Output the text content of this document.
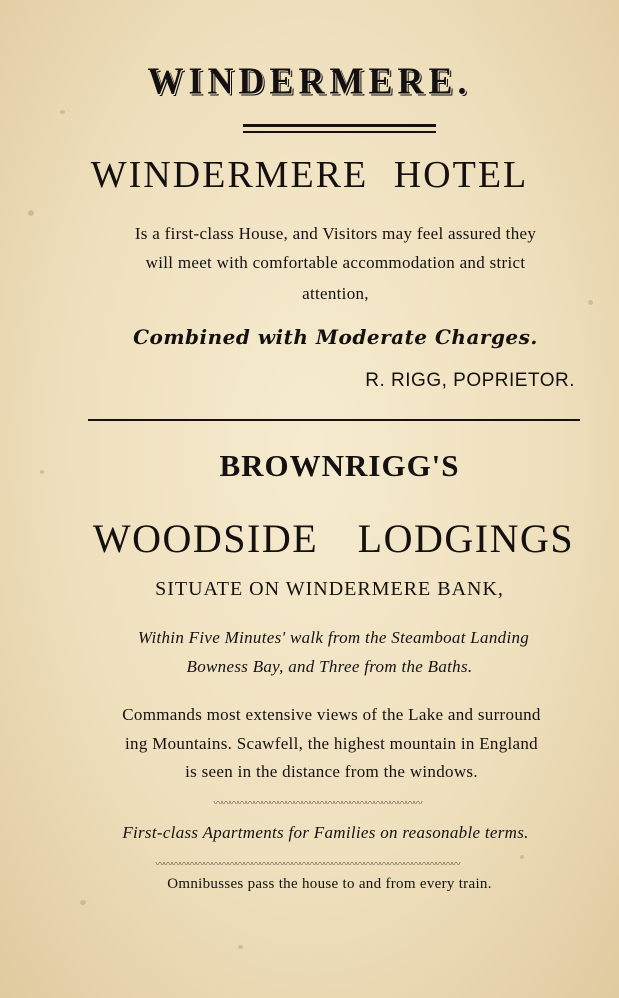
WINDERMERE.
WINDERMERE HOTEL
Is a first-class House, and Visitors may feel assured they
will meet with comfortable accommodation and strict
attention,
Combined with Moderate Charges.
R. RIGG, POPRIETOR.
BROWNRIGG'S
WOODSIDE LODGINGS
SITUATE ON WINDERMERE BANK,
Within Five Minutes' walk from the Steamboat Landing
Bowness Bay, and Three from the Baths.
Commands most extensive views of the Lake and surround
ing Mountains. Scawfell, the highest mountain in England
is seen in the distance from the windows.
〰〰〰〰〰〰〰〰〰〰〰〰〰〰〰〰〰〰〰〰〰〰〰〰〰〰
First-class Apartments for Families on reasonable terms.
〰〰〰〰〰〰〰〰〰〰〰〰〰〰〰〰〰〰〰〰〰〰〰〰〰〰〰〰〰〰〰〰〰〰〰〰〰〰
Omnibusses pass the house to and from every train.
